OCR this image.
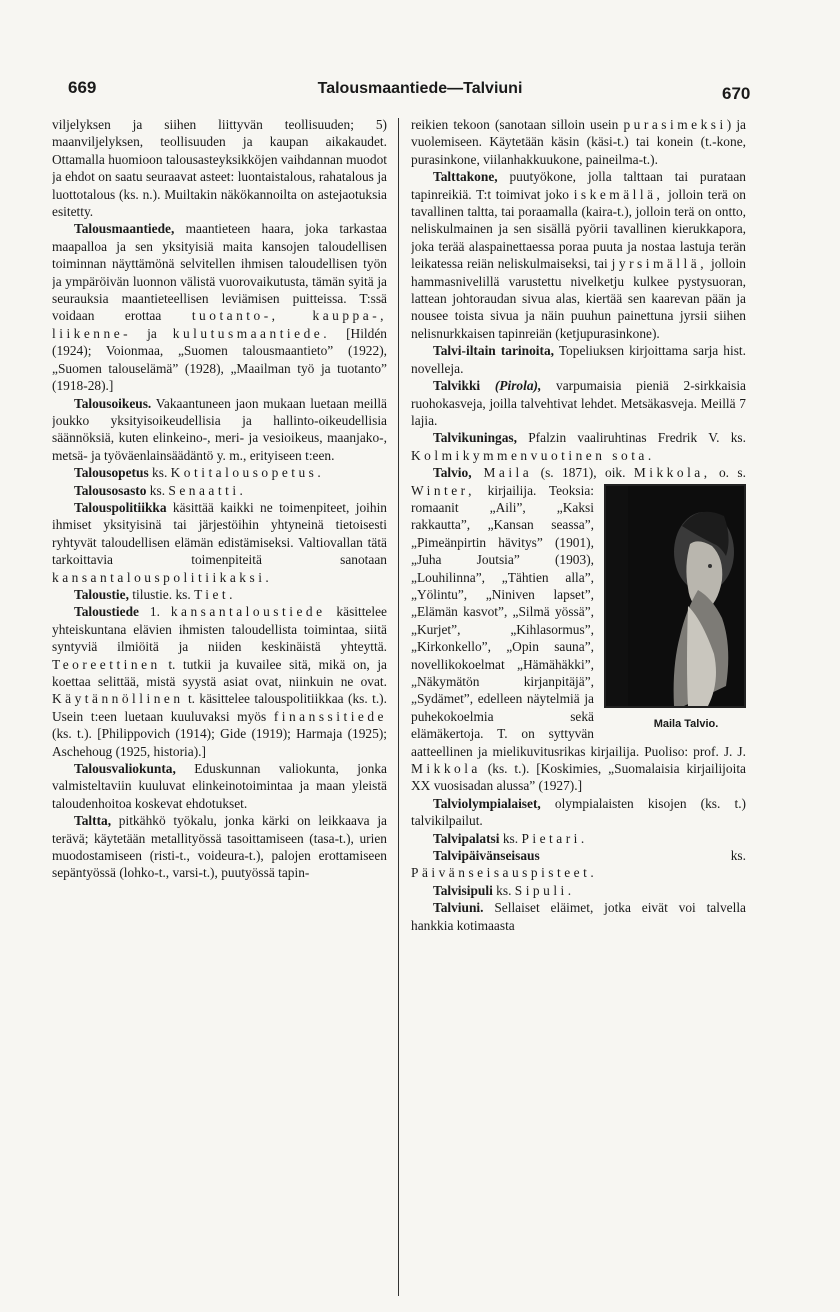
669	Talousmaantiede—Talviuni	670

viljelyksen ja siihen liittyvän teollisuuden; 5) maanviljelyksen, teollisuuden ja kaupan aikakaudet. Ottamalla huomioon talousasteyksikköjen vaihdannan muodot ja ehdot on saatu seuraavat asteet: luontaistalous, rahatalous ja luottotalous (ks. n.). Muiltakin näkökannoilta on astejaotuksia esitetty.

Talousmaantiede, maantieteen haara, joka tarkastaa maapalloa ja sen yksityisiä maita kansojen taloudellisen toiminnan näyttämönä selvitellen ihmisen taloudellisen työn ja ympäröivän luonnon välistä vuorovaikutusta, tämän syitä ja seurauksia maantieteellisen leviämisen puitteissa. T:ssä voidaan erottaa tuotanto-, kauppa-, liikenne- ja kulutusmaantiede. [Hildén (1924); Voionmaa, „Suomen talousmaantieto” (1922), „Suomen talouselämä” (1928), „Maailman työ ja tuotanto” (1918-28).]

Talousoikeus. Vakaantuneen jaon mukaan luetaan meillä joukko yksityisoikeudellisia ja hallinto-oikeudellisia säännöksiä, kuten elinkeino-, meri- ja vesioikeus, maanjako-, metsä- ja työväenlainsäädäntö y. m., erityiseen t:een.

Talousopetus ks. Kotitalousopetus.

Talousosasto ks. Senaatti.

Talouspolitiikka käsittää kaikki ne toimenpiteet, joihin ihmiset yksityisinä tai järjestöihin yhtyneinä tietoisesti ryhtyvät taloudellisen elämän edistämiseksi. Valtiovallan tätä tarkoittavia toimenpiteitä sanotaan kansantalouspolitiikaksi.

Taloustie, tilustie. ks. Tiet.

Taloustiede 1. kansantaloustiede käsittelee yhteiskuntana elävien ihmisten taloudellista toimintaa, siitä syntyviä ilmiöitä ja niiden keskinäistä yhteyttä. Teoreettinen t. tutkii ja kuvailee sitä, mikä on, ja koettaa selittää, mistä syystä asiat ovat, niinkuin ne ovat. Käytännöllinen t. käsittelee talouspolitiikkaa (ks. t.). Usein t:een luetaan kuuluvaksi myös finanssitiede (ks. t.). [Philippovich (1914); Gide (1919); Harmaja (1925); Aschehoug (1925, historia).]

Talousvaliokunta, Eduskunnan valiokunta, jonka valmisteltaviin kuuluvat elinkeinotoimintaa ja maan yleistä taloudenhoitoa koskevat ehdotukset.

Taltta, pitkähkö työkalu, jonka kärki on leikkaava ja terävä; käytetään metallityössä tasoittamiseen (tasa-t.), urien muodostamiseen (risti-t., voideura-t.), palojen erottamiseen sepäntyössä (lohko-t., varsi-t.), puutyössä tapin-

reikien tekoon (sanotaan silloin usein purasimeksi) ja vuolemiseen. Käytetään käsin (käsi-t.) tai konein (t.-kone, purasinkone, viilanhakkuukone, paineilma-t.).

Talttakone, puutyökone, jolla talttaan tai purataan tapinreikiä. T:t toimivat joko iskemällä, jolloin terä on tavallinen taltta, tai poraamalla (kaira-t.), jolloin terä on ontto, neliskulmainen ja sen sisällä pyörii tavallinen kierukkapora, joka terää alaspainettaessa poraa puuta ja nostaa lastuja terän leikatessa reiän neliskulmaiseksi, tai jyrsimällä, jolloin hammasnivelillä varustettu nivelketju kulkee pystysuoran, lattean johtoraudan sivua alas, kiertää sen kaarevan pään ja nousee toista sivua ja näin puuhun painettuna jyrsii siihen nelisnurkkaisen tapinreiän (ketjupurasinkone).

Talvi-iltain tarinoita, Topeliuksen kirjoittama sarja hist. novelleja.

Talvikki (Pirola), varpumaisia pieniä 2-sirkkaisia ruohokasveja, joilla talvehtivat lehdet. Metsäkasveja. Meillä 7 lajia.

Talvikuningas, Pfalzin vaaliruhtinas Fredrik V. ks. Kolmikymmenvuotinen sota.

Talvio, Maila (s. 1871), oik. Mikkola, o. s. Winter,
Maila Talvio.
kirjailija. Teoksia: romaanit „Aili”, „Kaksi rakkautta”, „Kansan seassa”, „Pimeänpirtin hävitys” (1901), „Juha Joutsia” (1903), „Louhilinna”, „Tähtien alla”, „Yölintu”, „Niniven lapset”, „Elämän kasvot”, „Silmä yössä”, „Kurjet”, „Kihlasormus”, „Kirkonkello”, „Opin sauna”, novellikokoelmat „Hämähäkki”, „Näkymätön kirjanpitäjä”, „Sydämet”, edelleen näytelmiä ja puhekokoelmia sekä elämäkertoja. T. on syttyvän aatteellinen ja mielikuvitusrikas kirjailija. Puoliso: prof. J. J. Mikkola (ks. t.). [Koskimies, „Suomalaisia kirjailijoita XX vuosisadan alussa” (1927).]

Talviolympialaiset, olympialaisten kisojen (ks. t.) talvikilpailut.

Talvipalatsi ks. Pietari.

Talvipäivänseisaus ks. Päivänseisauspisteet.

Talvisipuli ks. Sipuli.

Talviuni. Sellaiset eläimet, jotka eivät voi talvella hankkia kotimaasta
